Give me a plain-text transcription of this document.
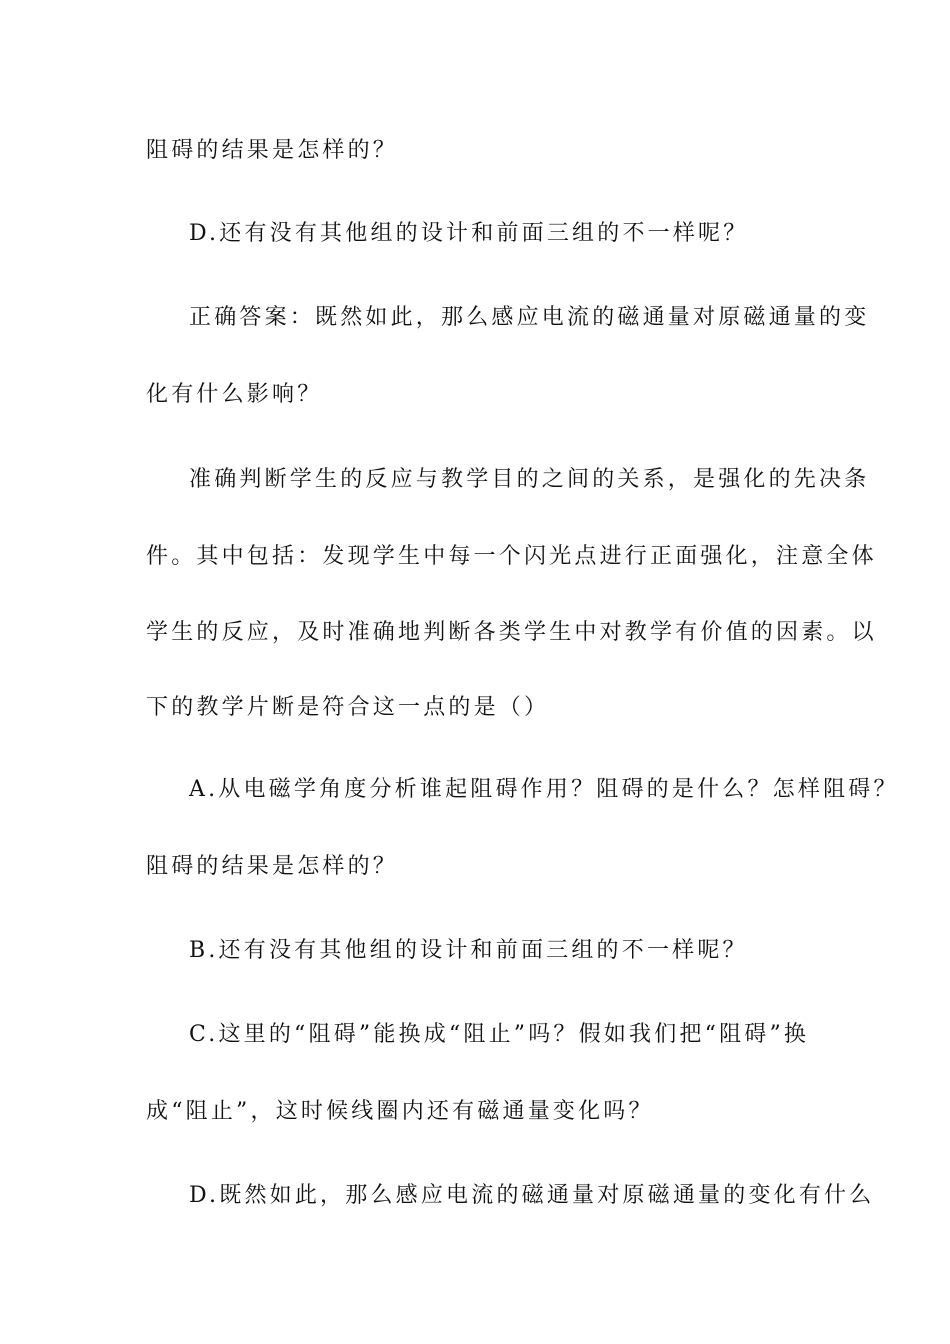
阻碍的结果是怎样的？
D.还有没有其他组的设计和前面三组的不一样呢？
正确答案：既然如此，那么感应电流的磁通量对原磁通量的变
化有什么影响？
准确判断学生的反应与教学目的之间的关系，是强化的先决条
件。其中包括：发现学生中每一个闪光点进行正面强化，注意全体
学生的反应，及时准确地判断各类学生中对教学有价值的因素。以
下的教学片断是符合这一点的是（）
A.从电磁学角度分析谁起阻碍作用？阻碍的是什么？怎样阻碍？
阻碍的结果是怎样的？
B.还有没有其他组的设计和前面三组的不一样呢？
C.这里的“阻碍”能换成“阻止”吗？假如我们把“阻碍”换
成“阻止”，这时候线圈内还有磁通量变化吗？
D.既然如此，那么感应电流的磁通量对原磁通量的变化有什么
